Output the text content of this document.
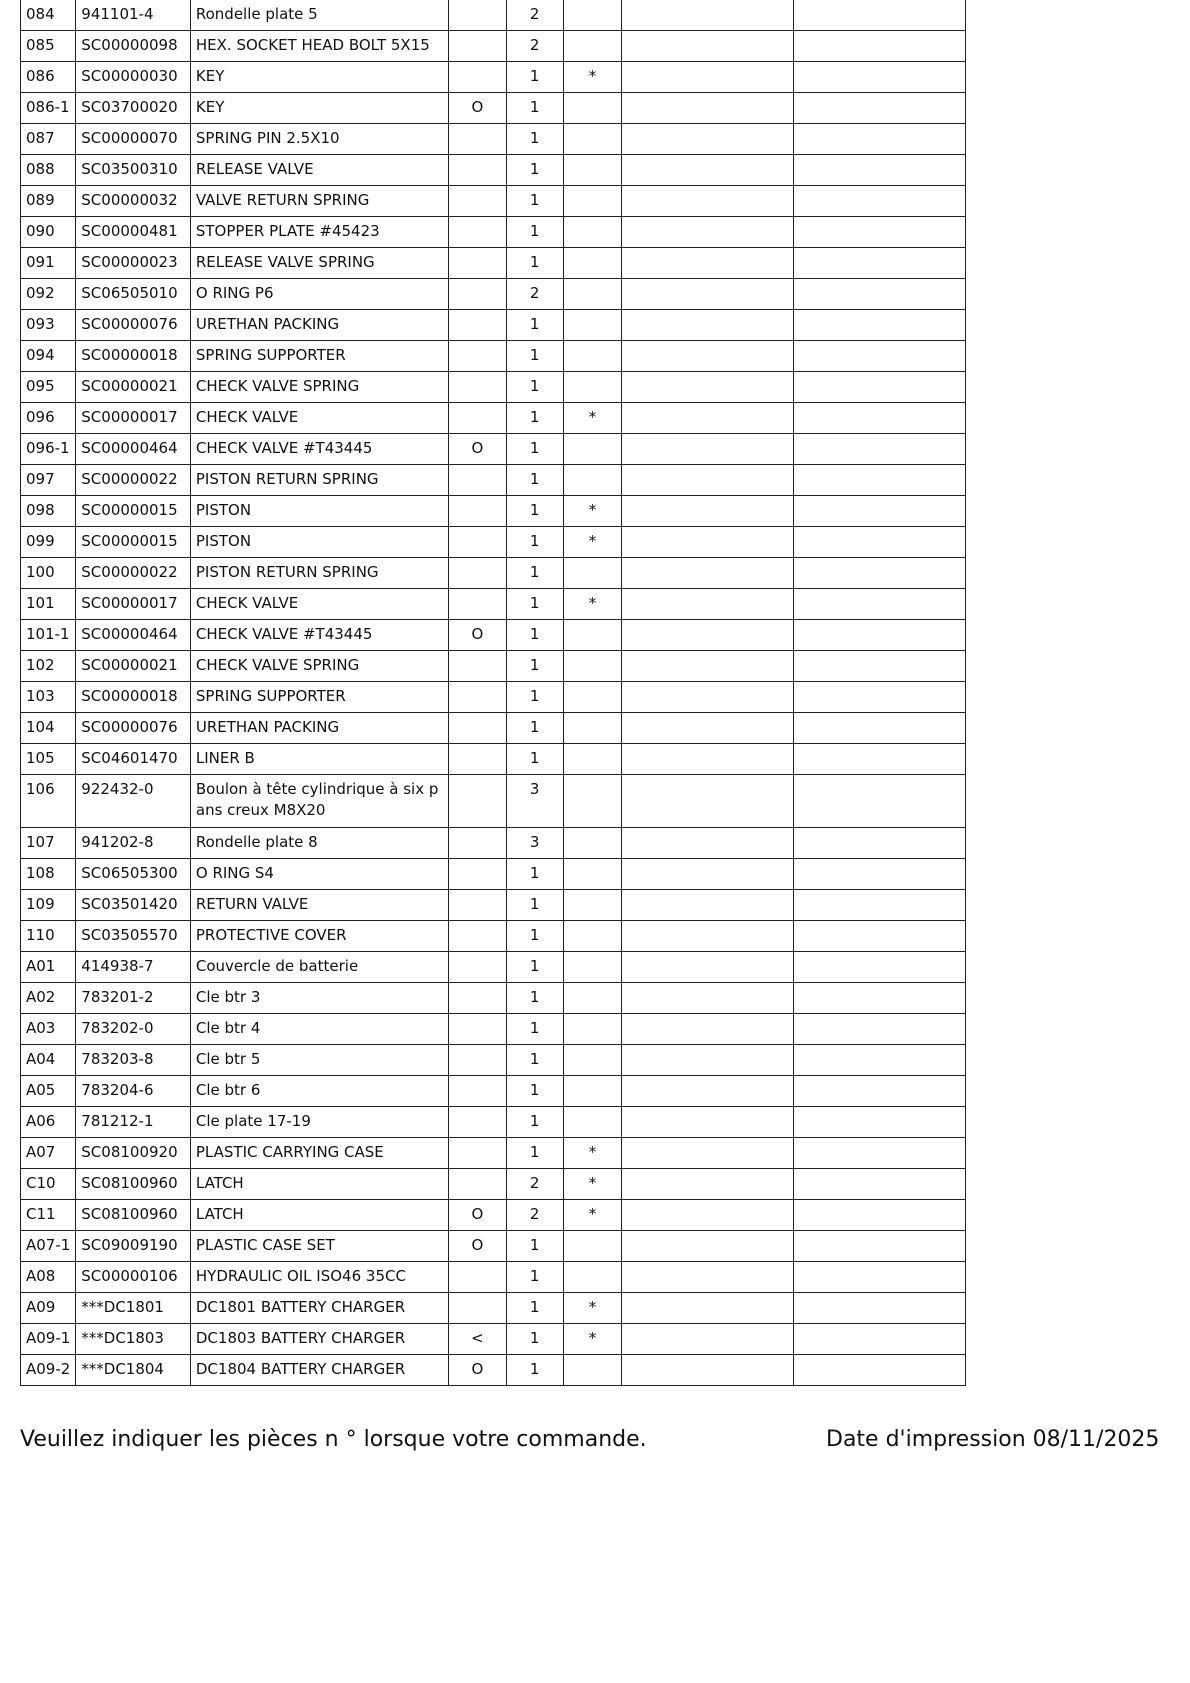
084	941101-4	Rondelle plate 5		2			
085	SC00000098	HEX. SOCKET HEAD BOLT 5X15		2			
086	SC00000030	KEY		1	*		
086-1	SC03700020	KEY	O	1			
087	SC00000070	SPRING PIN 2.5X10		1			
088	SC03500310	RELEASE VALVE		1			
089	SC00000032	VALVE RETURN SPRING		1			
090	SC00000481	STOPPER PLATE #45423		1			
091	SC00000023	RELEASE VALVE SPRING		1			
092	SC06505010	O RING P6		2			
093	SC00000076	URETHAN PACKING		1			
094	SC00000018	SPRING SUPPORTER		1			
095	SC00000021	CHECK VALVE SPRING		1			
096	SC00000017	CHECK VALVE		1	*		
096-1	SC00000464	CHECK VALVE #T43445	O	1			
097	SC00000022	PISTON RETURN SPRING		1			
098	SC00000015	PISTON		1	*		
099	SC00000015	PISTON		1	*		
100	SC00000022	PISTON RETURN SPRING		1			
101	SC00000017	CHECK VALVE		1	*		
101-1	SC00000464	CHECK VALVE #T43445	O	1			
102	SC00000021	CHECK VALVE SPRING		1			
103	SC00000018	SPRING SUPPORTER		1			
104	SC00000076	URETHAN PACKING		1			
105	SC04601470	LINER B		1			
106	922432-0	Boulon à tête cylindrique à six pans creux M8X20		3			
107	941202-8	Rondelle plate 8		3			
108	SC06505300	O RING S4		1			
109	SC03501420	RETURN VALVE		1			
110	SC03505570	PROTECTIVE COVER		1			
A01	414938-7	Couvercle de batterie		1			
A02	783201-2	Cle btr 3		1			
A03	783202-0	Cle btr 4		1			
A04	783203-8	Cle btr 5		1			
A05	783204-6	Cle btr 6		1			
A06	781212-1	Cle plate 17-19		1			
A07	SC08100920	PLASTIC CARRYING CASE		1	*		
C10	SC08100960	LATCH		2	*		
C11	SC08100960	LATCH	O	2	*		
A07-1	SC09009190	PLASTIC CASE SET	O	1			
A08	SC00000106	HYDRAULIC OIL ISO46 35CC		1			
A09	***DC1801	DC1801 BATTERY CHARGER		1	*		
A09-1	***DC1803	DC1803 BATTERY CHARGER	<	1	*		
A09-2	***DC1804	DC1804 BATTERY CHARGER	O	1			
Veuillez indiquer les pièces n ° lorsque votre commande.	Date d'impression 08/11/2025
